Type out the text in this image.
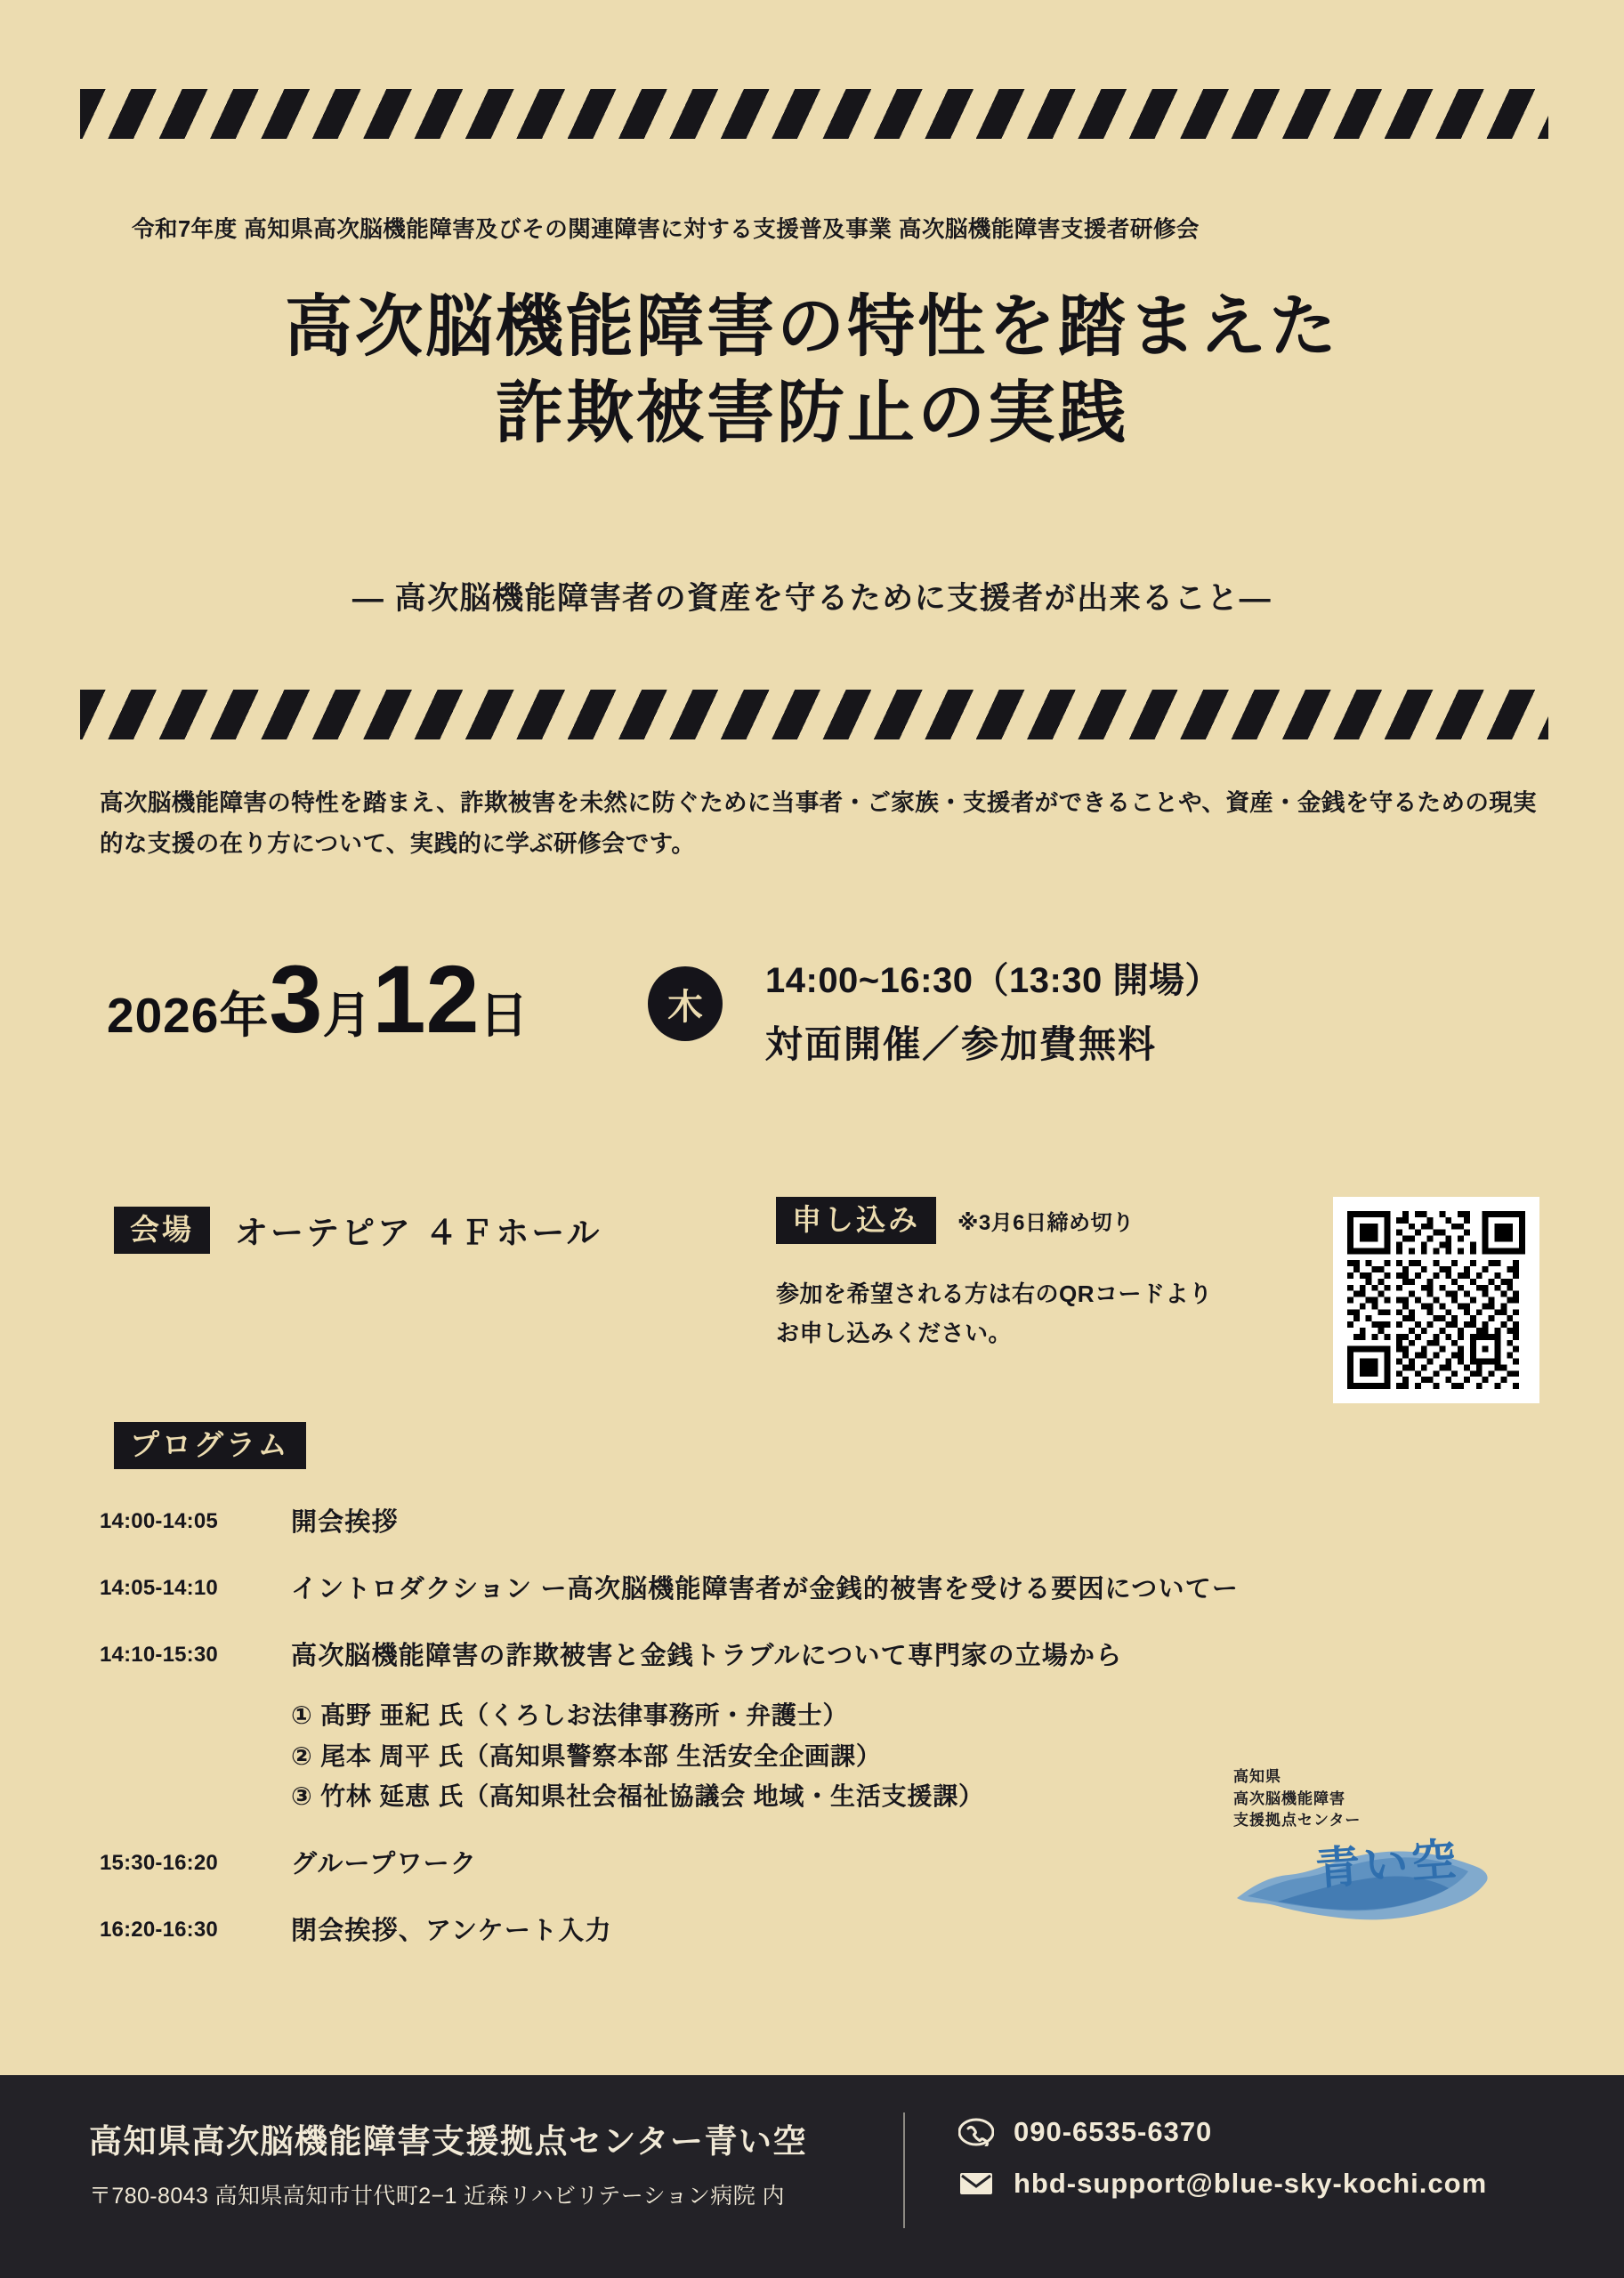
令和7年度 高知県高次脳機能障害及びその関連障害に対する支援普及事業 高次脳機能障害支援者研修会
高次脳機能障害の特性を踏まえた
詐欺被害防止の実践
― 高次脳機能障害者の資産を守るために支援者が出来ること―
高次脳機能障害の特性を踏まえ、詐欺被害を未然に防ぐために当事者・ご家族・支援者ができることや、資産・金銭を守るための現実的な支援の在り方について、実践的に学ぶ研修会です。
2026年 3 月 12 日	木
14:00~16:30（13:30 開場）
対面開催／参加費無料
会場	オーテピア ４Ｆホール	申し込み	※3月6日締め切り
参加を希望される方は右のQRコードより
お申し込みください。
プログラム
14:00-14:05	開会挨拶
14:05-14:10	イントロダクション ー高次脳機能障害者が金銭的被害を受ける要因についてー
14:10-15:30	高次脳機能障害の詐欺被害と金銭トラブルについて専門家の立場から
① 髙野 亜紀 氏（くろしお法律事務所・弁護士）
② 尾本 周平 氏（高知県警察本部 生活安全企画課）
③ 竹林 延恵 氏（高知県社会福祉協議会 地域・生活支援課）
15:30-16:20	グループワーク
16:20-16:30	閉会挨拶、アンケート入力
高知県
高次脳機能障害
支援拠点センター
青い空
高知県高次脳機能障害支援拠点センター青い空
〒780-8043 高知県高知市廿代町2−1 近森リハビリテーション病院 内
090-6535-6370
hbd-support@blue-sky-kochi.com
